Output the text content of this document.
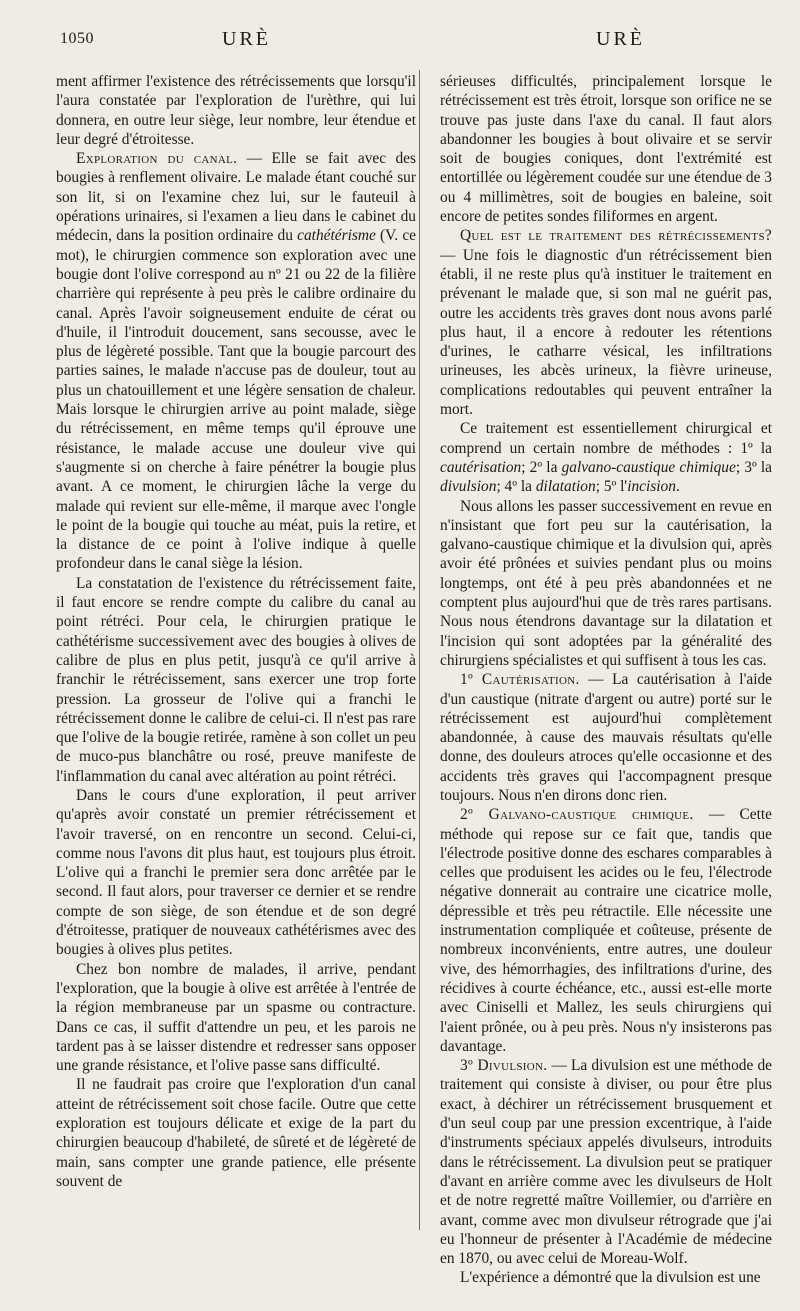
1050	URÈ	URÈ

ment affirmer l'existence des rétrécissements que lorsqu'il l'aura constatée par l'exploration de l'urèthre, qui lui donnera, en outre leur siège, leur nombre, leur étendue et leur degré d'étroitesse.

Exploration du canal. — Elle se fait avec des bougies à renflement olivaire. Le malade étant couché sur son lit, si on l'examine chez lui, sur le fauteuil à opérations urinaires, si l'examen a lieu dans le cabinet du médecin, dans la position ordinaire du cathétérisme (V. ce mot), le chirurgien commence son exploration avec une bougie dont l'olive correspond au nº 21 ou 22 de la filière charrière qui représente à peu près le calibre ordinaire du canal. Après l'avoir soigneusement enduite de cérat ou d'huile, il l'introduit doucement, sans secousse, avec le plus de légèreté possible. Tant que la bougie parcourt des parties saines, le malade n'accuse pas de douleur, tout au plus un chatouillement et une légère sensation de chaleur. Mais lorsque le chirurgien arrive au point malade, siège du rétrécissement, en même temps qu'il éprouve une résistance, le malade accuse une douleur vive qui s'augmente si on cherche à faire pénétrer la bougie plus avant. A ce moment, le chirurgien lâche la verge du malade qui revient sur elle-même, il marque avec l'ongle le point de la bougie qui touche au méat, puis la retire, et la distance de ce point à l'olive indique à quelle profondeur dans le canal siège la lésion.

La constatation de l'existence du rétrécissement faite, il faut encore se rendre compte du calibre du canal au point rétréci. Pour cela, le chirurgien pratique le cathétérisme successivement avec des bougies à olives de calibre de plus en plus petit, jusqu'à ce qu'il arrive à franchir le rétrécissement, sans exercer une trop forte pression. La grosseur de l'olive qui a franchi le rétrécissement donne le calibre de celui-ci. Il n'est pas rare que l'olive de la bougie retirée, ramène à son collet un peu de muco-pus blanchâtre ou rosé, preuve manifeste de l'inflammation du canal avec altération au point rétréci.

Dans le cours d'une exploration, il peut arriver qu'après avoir constaté un premier rétrécissement et l'avoir traversé, on en rencontre un second. Celui-ci, comme nous l'avons dit plus haut, est toujours plus étroit. L'olive qui a franchi le premier sera donc arrêtée par le second. Il faut alors, pour traverser ce dernier et se rendre compte de son siège, de son étendue et de son degré d'étroitesse, pratiquer de nouveaux cathétérismes avec des bougies à olives plus petites.

Chez bon nombre de malades, il arrive, pendant l'exploration, que la bougie à olive est arrêtée à l'entrée de la région membraneuse par un spasme ou contracture. Dans ce cas, il suffit d'attendre un peu, et les parois ne tardent pas à se laisser distendre et redresser sans opposer une grande résistance, et l'olive passe sans difficulté.

Il ne faudrait pas croire que l'exploration d'un canal atteint de rétrécissement soit chose facile. Outre que cette exploration est toujours délicate et exige de la part du chirurgien beaucoup d'habileté, de sûreté et de légèreté de main, sans compter une grande patience, elle présente souvent de

sérieuses difficultés, principalement lorsque le rétrécissement est très étroit, lorsque son orifice ne se trouve pas juste dans l'axe du canal. Il faut alors abandonner les bougies à bout olivaire et se servir soit de bougies coniques, dont l'extrémité est entortillée ou légèrement coudée sur une étendue de 3 ou 4 millimètres, soit de bougies en baleine, soit encore de petites sondes filiformes en argent.

Quel est le traitement des rétrécissements? — Une fois le diagnostic d'un rétrécissement bien établi, il ne reste plus qu'à instituer le traitement en prévenant le malade que, si son mal ne guérit pas, outre les accidents très graves dont nous avons parlé plus haut, il a encore à redouter les rétentions d'urines, le catharre vésical, les infiltrations urineuses, les abcès urineux, la fièvre urineuse, complications redoutables qui peuvent entraîner la mort.

Ce traitement est essentiellement chirurgical et comprend un certain nombre de méthodes : 1º la cautérisation; 2º la galvano-caustique chimique; 3º la divulsion; 4º la dilatation; 5º l'incision.

Nous allons les passer successivement en revue en n'insistant que fort peu sur la cautérisation, la galvano-caustique chimique et la divulsion qui, après avoir été prônées et suivies pendant plus ou moins longtemps, ont été à peu près abandonnées et ne comptent plus aujourd'hui que de très rares partisans. Nous nous étendrons davantage sur la dilatation et l'incision qui sont adoptées par la généralité des chirurgiens spécialistes et qui suffisent à tous les cas.

1º Cautérisation. — La cautérisation à l'aide d'un caustique (nitrate d'argent ou autre) porté sur le rétrécissement est aujourd'hui complètement abandonnée, à cause des mauvais résultats qu'elle donne, des douleurs atroces qu'elle occasionne et des accidents très graves qui l'accompagnent presque toujours. Nous n'en dirons donc rien.

2º Galvano-caustique chimique. — Cette méthode qui repose sur ce fait que, tandis que l'électrode positive donne des eschares comparables à celles que produisent les acides ou le feu, l'électrode négative donnerait au contraire une cicatrice molle, dépressible et très peu rétractile. Elle nécessite une instrumentation compliquée et coûteuse, présente de nombreux inconvénients, entre autres, une douleur vive, des hémorrhagies, des infiltrations d'urine, des récidives à courte échéance, etc., aussi est-elle morte avec Ciniselli et Mallez, les seuls chirurgiens qui l'aient prônée, ou à peu près. Nous n'y insisterons pas davantage.

3º Divulsion. — La divulsion est une méthode de traitement qui consiste à diviser, ou pour être plus exact, à déchirer un rétrécissement brusquement et d'un seul coup par une pression excentrique, à l'aide d'instruments spéciaux appelés divulseurs, introduits dans le rétrécissement. La divulsion peut se pratiquer d'avant en arrière comme avec les divulseurs de Holt et de notre regretté maître Voillemier, ou d'arrière en avant, comme avec mon divulseur rétrograde que j'ai eu l'honneur de présenter à l'Académie de médecine en 1870, ou avec celui de Moreau-Wolf.

L'expérience a démontré que la divulsion est une
